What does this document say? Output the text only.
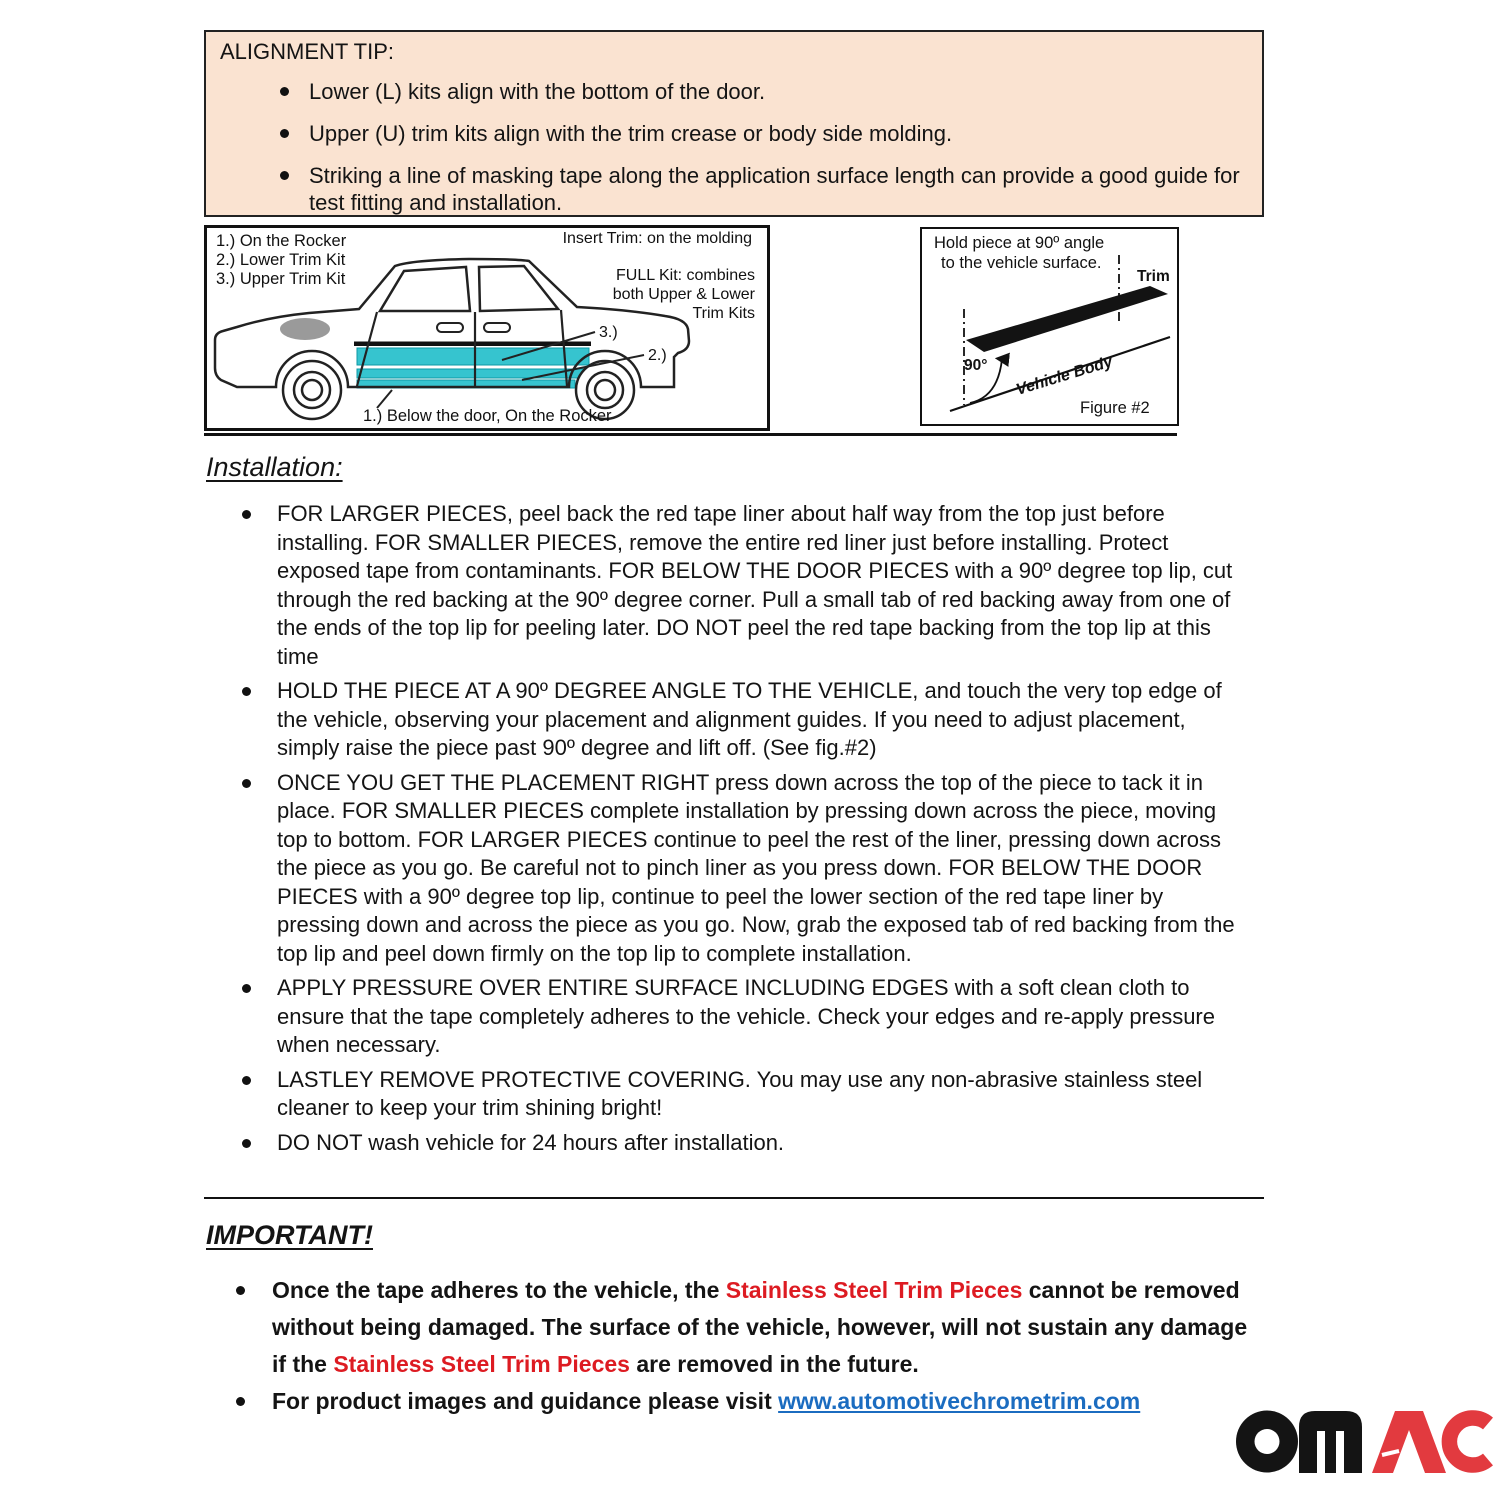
ALIGNMENT TIP:
Lower (L) kits align with the bottom of the door.
Upper (U) trim kits align with the trim crease or body side molding.
Striking a line of masking tape along the application surface length can provide a good guide for test fitting and installation.
1.) On the Rocker
2.) Lower Trim Kit
3.) Upper Trim Kit
Insert Trim: on the molding
FULL Kit: combines
both Upper & Lower
Trim Kits
3.)
2.)
1.) Below the door, On the Rocker
Hold piece at 90º angle
to the vehicle surface.
90°
Trim
Vehicle Body
Figure #2
Installation:
FOR LARGER PIECES, peel back the red tape liner about half way from the top just before installing. FOR SMALLER PIECES, remove the entire red liner just before installing. Protect exposed tape from contaminants. FOR BELOW THE DOOR PIECES with a 90º degree top lip, cut through the red backing at the 90º degree corner. Pull a small tab of red backing away from one of the ends of the top lip for peeling later. DO NOT peel the red tape backing from the top lip at this time
HOLD THE PIECE AT A 90º DEGREE ANGLE TO THE VEHICLE, and touch the very top edge of the vehicle, observing your placement and alignment guides. If you need to adjust placement, simply raise the piece past 90º degree and lift off. (See fig.#2)
ONCE YOU GET THE PLACEMENT RIGHT press down across the top of the piece to tack it in place. FOR SMALLER PIECES complete installation by pressing down across the piece, moving top to bottom. FOR LARGER PIECES continue to peel the rest of the liner, pressing down across the piece as you go. Be careful not to pinch liner as you press down. FOR BELOW THE DOOR PIECES with a 90º degree top lip, continue to peel the lower section of the red tape liner by pressing down and across the piece as you go. Now, grab the exposed tab of red backing from the top lip and peel down firmly on the top lip to complete installation.
APPLY PRESSURE OVER ENTIRE SURFACE INCLUDING EDGES with a soft clean cloth to ensure that the tape completely adheres to the vehicle. Check your edges and re-apply pressure when necessary.
LASTLEY REMOVE PROTECTIVE COVERING. You may use any non-abrasive stainless steel cleaner to keep your trim shining bright!
DO NOT wash vehicle for 24 hours after installation.
IMPORTANT!
Once the tape adheres to the vehicle, the Stainless Steel Trim Pieces cannot be removed without being damaged. The surface of the vehicle, however, will not sustain any damage if the Stainless Steel Trim Pieces are removed in the future.
For product images and guidance please visit www.automotivechrometrim.com
